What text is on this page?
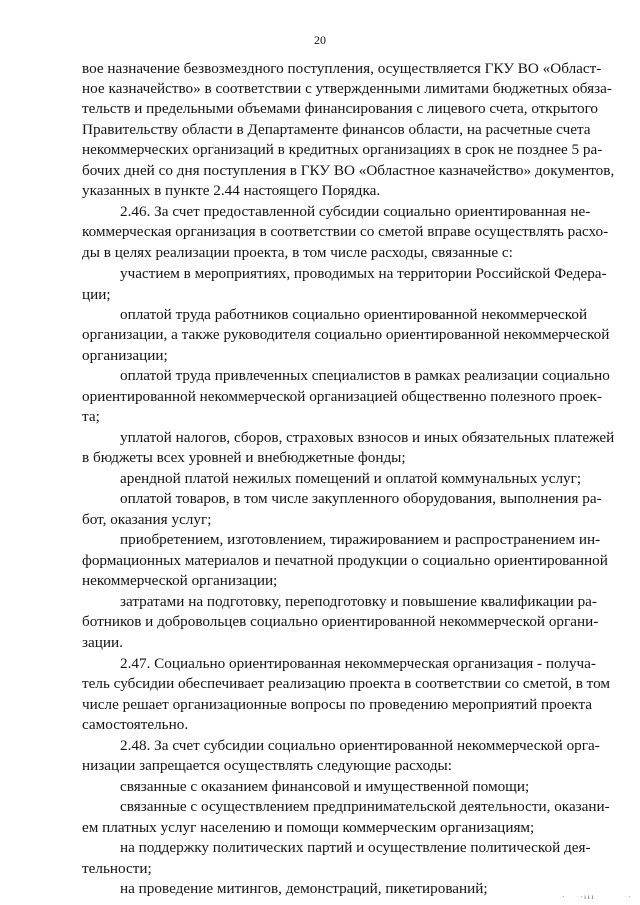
20
вое назначение безвозмездного поступления, осуществляется ГКУ ВО «Област-
ное казначейство» в соответствии с утвержденными лимитами бюджетных обяза-
тельств и предельными объемами финансирования с лицевого счета, открытого
Правительству области в Департаменте финансов области, на расчетные счета
некоммерческих организаций в кредитных организациях в срок не позднее 5 ра-
бочих дней со дня поступления в ГКУ ВО «Областное казначейство» документов,
указанных в пункте 2.44 настоящего Порядка.
2.46. За счет предоставленной субсидии социально ориентированная не-
коммерческая организация в соответствии со сметой вправе осуществлять расхо-
ды в целях реализации проекта, в том числе расходы, связанные с:
участием в мероприятиях, проводимых на территории Российской Федера-
ции;
оплатой труда работников социально ориентированной некоммерческой
организации, а также руководителя социально ориентированной некоммерческой
организации;
оплатой труда привлеченных специалистов в рамках реализации социально
ориентированной некоммерческой организацией общественно полезного проек-
та;
уплатой налогов, сборов, страховых взносов и иных обязательных платежей
в бюджеты всех уровней и внебюджетные фонды;
арендной платой нежилых помещений и оплатой коммунальных услуг;
оплатой товаров, в том числе закупленного оборудования, выполнения ра-
бот, оказания услуг;
приобретением, изготовлением, тиражированием и распространением ин-
формационных материалов и печатной продукции о социально ориентированной
некоммерческой организации;
затратами на подготовку, переподготовку и повышение квалификации ра-
ботников и добровольцев социально ориентированной некоммерческой органи-
зации.
2.47. Социально ориентированная некоммерческая организация - получа-
тель субсидии обеспечивает реализацию проекта в соответствии со сметой, в том
числе решает организационные вопросы по проведению мероприятий проекта
самостоятельно.
2.48. За счет субсидии социально ориентированной некоммерческой орга-
низации запрещается осуществлять следующие расходы:
связанные с оказанием финансовой и имущественной помощи;
связанные с осуществлением предпринимательской деятельности, оказани-
ем платных услуг населению и помощи коммерческим организациям;
на поддержку политических партий и осуществление политической дея-
тельности;
на проведение митингов, демонстраций, пикетирований;	· · ı ı ı	·
